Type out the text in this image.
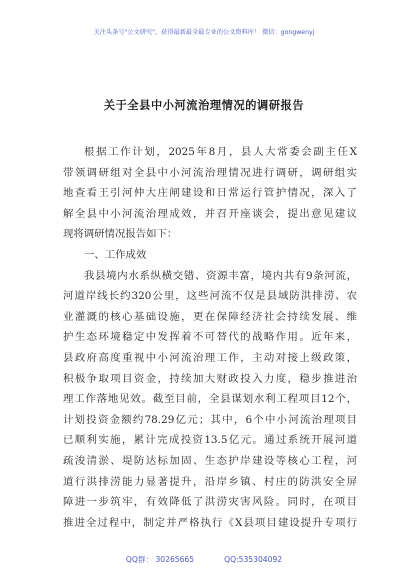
关注头条号"公文研究"，获得最新最全最专业的公文资料库！ 微信：gongwenyj
关于全县中小河流治理情况的调研报告
根据工作计划，2025年8月，县人大常委会副主任X
带领调研组对全县中小河流治理情况进行调研，调研组实
地查看王引河仲大庄闸建设和日常运行管护情况，深入了
解全县中小河流治理成效，并召开座谈会，提出意见建议
现将调研情况报告如下：
一、工作成效
我县境内水系纵横交错、资源丰富，境内共有9条河流，
河道岸线长约320公里，这些河流不仅是县域防洪排涝、农
业灌溉的核心基础设施，更在保障经济社会持续发展、维
护生态环境稳定中发挥着不可替代的战略作用。近年来，
县政府高度重视中小河流治理工作，主动对接上级政策，
积极争取项目资金，持续加大财政投入力度，稳步推进治
理工作落地见效。截至目前，全县谋划水利工程项目12个，
计划投资金额约78.29亿元；其中，6个中小河流治理项目
已顺利实施，累计完成投资13.5亿元。通过系统开展河道
疏浚清淤、堤防达标加固、生态护岸建设等核心工程，河
道行洪排涝能力显著提升，沿岸乡镇、村庄的防洪安全屏
障进一步筑牢，有效降低了洪涝灾害风险。同时，在项目
推进全过程中，制定并严格执行《X县项目建设提升专项行
QQ群： 30265665	QQ:535304092
